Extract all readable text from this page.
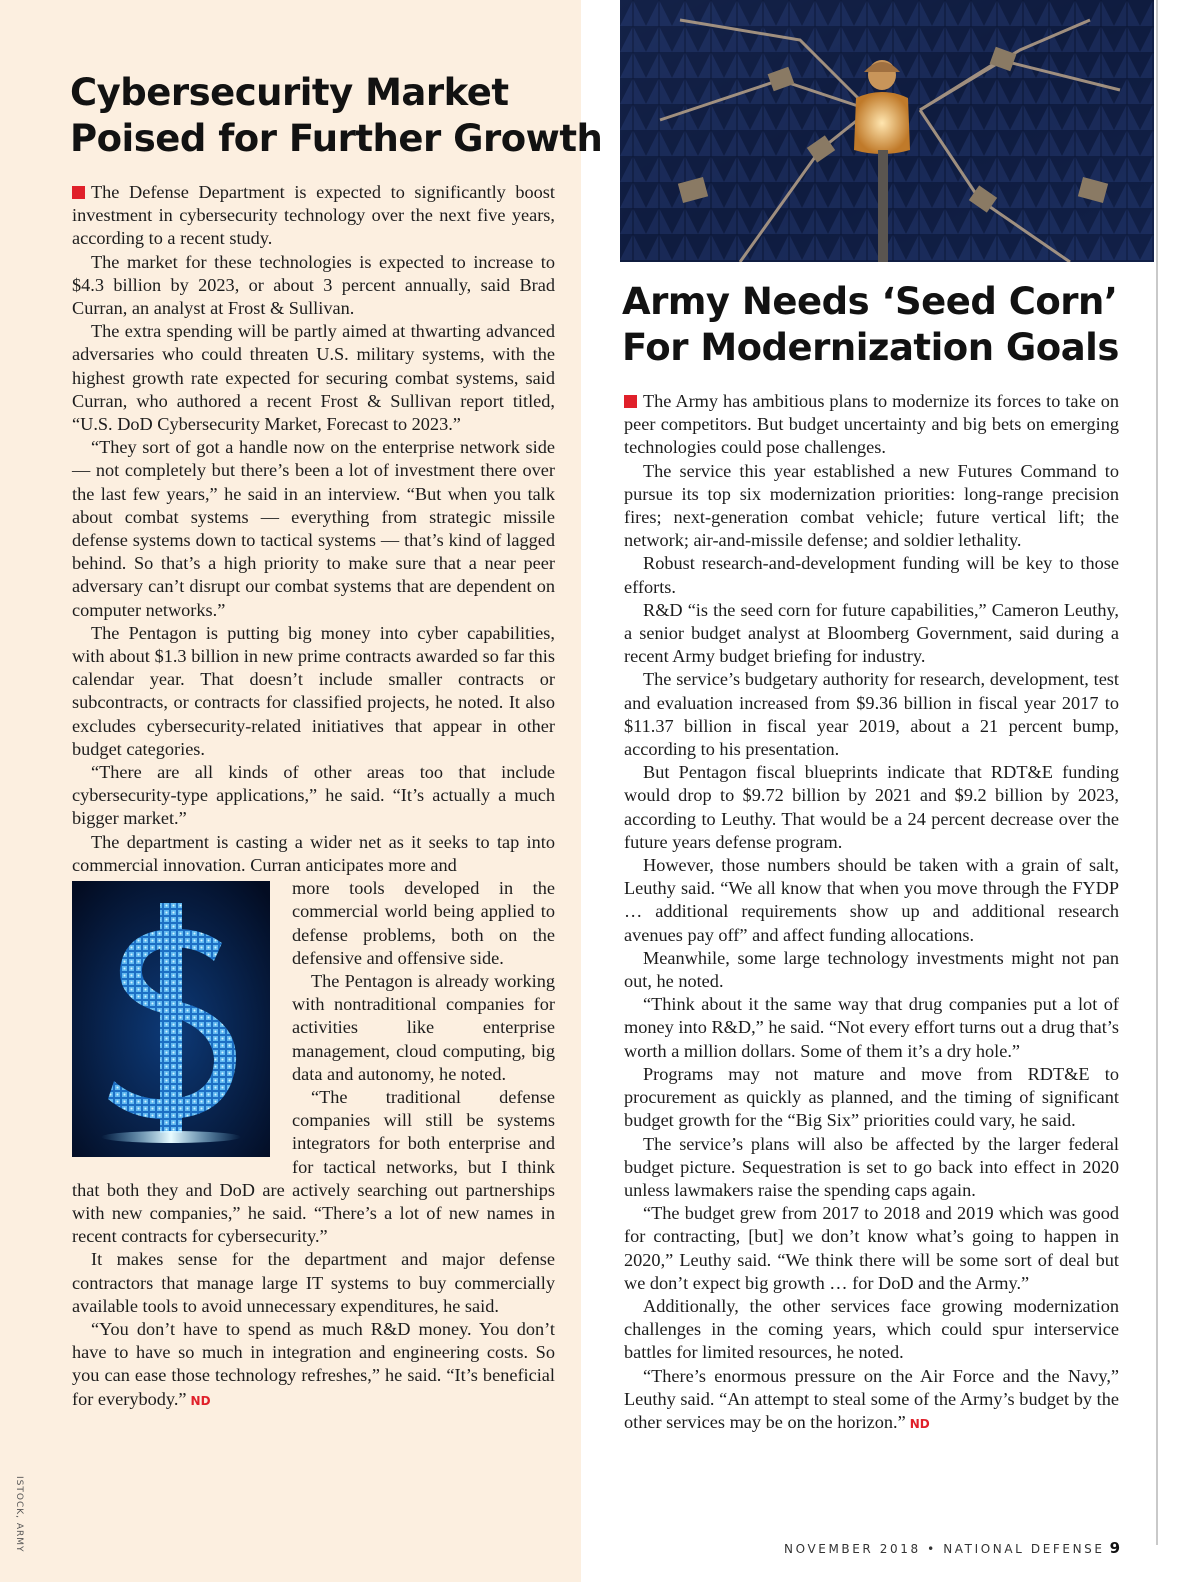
Cybersecurity Market
Poised for Further Growth

The Defense Department is expected to significantly boost investment in cybersecurity technology over the next five years, according to a recent study.

The market for these technologies is expected to increase to $4.3 billion by 2023, or about 3 percent annually, said Brad Curran, an analyst at Frost & Sullivan.

The extra spending will be partly aimed at thwarting advanced adversaries who could threaten U.S. military systems, with the highest growth rate expected for securing combat systems, said Curran, who authored a recent Frost & Sullivan report titled, “U.S. DoD Cybersecurity Market, Forecast to 2023.”

“They sort of got a handle now on the enterprise network side — not completely but there’s been a lot of investment there over the last few years,” he said in an interview. “But when you talk about combat systems — everything from strategic missile defense systems down to tactical systems — that’s kind of lagged behind. So that’s a high priority to make sure that a near peer adversary can’t disrupt our combat systems that are dependent on computer networks.”

The Pentagon is putting big money into cyber capabilities, with about $1.3 billion in new prime contracts awarded so far this calendar year. That doesn’t include smaller contracts or subcontracts, or contracts for classified projects, he noted. It also excludes cybersecurity-related initiatives that appear in other budget categories.

“There are all kinds of other areas too that include cybersecurity-type applications,” he said. “It’s actually a much bigger market.”

The department is casting a wider net as it seeks to tap into commercial innovation. Curran anticipates more and

more tools developed in the commercial world being applied to defense problems, both on the defensive and offensive side.

The Pentagon is already working with nontraditional companies for activities like enterprise management, cloud computing, big data and autonomy, he noted.

“The traditional defense companies will still be systems integrators for both enterprise and for tactical networks, but I think that both they and DoD are actively searching out partnerships with new companies,” he said. “There’s a lot of new names in recent contracts for cybersecurity.”

It makes sense for the department and major defense contractors that manage large IT systems to buy commercially available tools to avoid unnecessary expenditures, he said.

“You don’t have to spend as much R&D money. You don’t have to have so much in integration and engineering costs. So you can ease those technology refreshes,” he said. “It’s beneficial for everybody.” ND

Army Needs ‘Seed Corn’
For Modernization Goals

The Army has ambitious plans to modernize its forces to take on peer competitors. But budget uncertainty and big bets on emerging technologies could pose challenges.

The service this year established a new Futures Command to pursue its top six modernization priorities: long-range precision fires; next-generation combat vehicle; future vertical lift; the network; air-and-missile defense; and soldier lethality.

Robust research-and-development funding will be key to those efforts.

R&D “is the seed corn for future capabilities,” Cameron Leuthy, a senior budget analyst at Bloomberg Government, said during a recent Army budget briefing for industry.

The service’s budgetary authority for research, development, test and evaluation increased from $9.36 billion in fiscal year 2017 to $11.37 billion in fiscal year 2019, about a 21 percent bump, according to his presentation.

But Pentagon fiscal blueprints indicate that RDT&E funding would drop to $9.72 billion by 2021 and $9.2 billion by 2023, according to Leuthy. That would be a 24 percent decrease over the future years defense program.

However, those numbers should be taken with a grain of salt, Leuthy said. “We all know that when you move through the FYDP … additional requirements show up and additional research avenues pay off” and affect funding allocations.

Meanwhile, some large technology investments might not pan out, he noted.

“Think about it the same way that drug companies put a lot of money into R&D,” he said. “Not every effort turns out a drug that’s worth a million dollars. Some of them it’s a dry hole.”

Programs may not mature and move from RDT&E to procurement as quickly as planned, and the timing of significant budget growth for the “Big Six” priorities could vary, he said.

The service’s plans will also be affected by the larger federal budget picture. Sequestration is set to go back into effect in 2020 unless lawmakers raise the spending caps again.

“The budget grew from 2017 to 2018 and 2019 which was good for contracting, [but] we don’t know what’s going to happen in 2020,” Leuthy said. “We think there will be some sort of deal but we don’t expect big growth … for DoD and the Army.”

Additionally, the other services face growing modernization challenges in the coming years, which could spur interservice battles for limited resources, he noted.

“There’s enormous pressure on the Air Force and the Navy,” Leuthy said. “An attempt to steal some of the Army’s budget by the other services may be on the horizon.” ND

ISTOCK, ARMY	NOVEMBER 2018 • NATIONAL DEFENSE 9
